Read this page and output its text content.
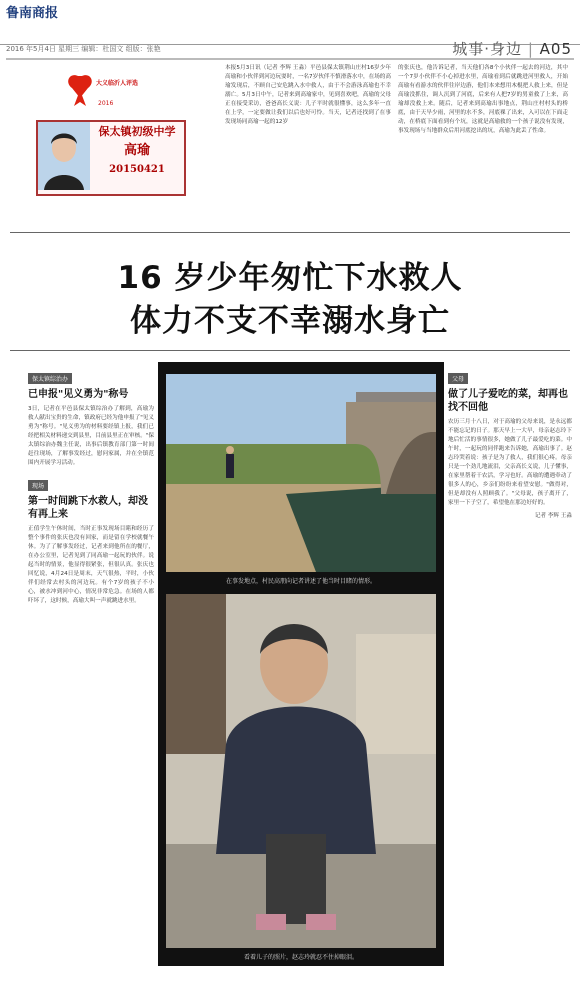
鲁南商报
城事·身边 | A05
2016 年5月4日 星期三 编辑：杜国文 组版：张艳
大义临沂人评选
2016
保太镇初级中学
高瑜
20150421
本报5月3日讯（记者 李辉 王淼）平邑县保太镇荆山庄村16岁少年高瑜和小伙伴到河边玩耍时，一名7岁伙伴不慎滑落水中，在场的高瑜发现后，不顾自己安危跳入水中救人，由于不会游泳高瑜也不幸溺亡。5月3日中午，记者来到高瑜家中，见到喜欢吧，高瑜的父母正在接受采访，爸爸高长义说：儿子平时就很懂事，这么多年一直在上学，一定要做让我们以后也好可怜。当天，记者还找到了在事发现场同高瑜一起的12岁
的张庆也，他告诉记者，当天他们各8个小伙伴一起去的河边，其中一个7岁小伙伴不小心掉进水里，高瑜看到后就跳进河里救人，开始高瑜有看游水的伙伴往岸边游，他们本来想用木棍把人救上来，但是高瑜没抓住，调人沉到了河底，后来有人把7岁的男童救了上来，高瑜却没救上来。随后，记者来到高瑜出事地点，荆山庄村村头的桥底，由于天旱少雨，河里的水不多，河底裸了出来，入可以在下面走动，在桥底下面看到有个坑，这就是高瑜救的一个孩子说没有发现，事发现场与当地群众后用河底挖出的坑，高瑜为此丢了性命。
16 岁少年匆忙下水救人
体力不支不幸溺水身亡
保太镇综治办
已申报"见义勇为"称号
3日，记者在平邑县保太镇综治办了解到，高瑜为救人献出宝贵的生命，镇政府已经为他申报了"见义勇为"称号。"见义勇为的材料要经镇上报，我们已经把相关材料递交到县里，目前县里正在审核。"保太镇综治办魏主任说，出事后镇教育部门第一时间赶往现场，了解事发经过，慰问家属，并在全镇范围内开展学习活动。
现场
第一时间跳下水救人，却没有再上来
正值学生午休时间，当时正事发现场目睹和经历了整个事件的张庆也没有回家，而是留在学校就餐午休。为了了解事发经过，记者来到他所在的餐厅，在办公室里，记者见到了同高瑜一起玩的伙伴。说起当时的情景，他显得很紧张，但很认真。张庆也回忆说，4月24日是周末，天气很热，平时，小伙伴们经常去村头的河边玩。有个7岁的孩子不小心，被水冲到河中心，情况非常危急。在场的人都吓坏了，这时候，高瑜大叫一声就跳进水里。
在事发地点，村民高朋向记者讲述了他当时目睹的情形。
看着儿子的照片，赵志玲就忍不住掉眼泪。
父母
做了儿子爱吃的菜，却再也找不回他
农历三月十八日，对于高瑜的父母来说，是永远都不能忘记的日子。那天早上一大早，母亲赵志玲下地后忙活的事情很多，她做了儿子最爱吃的菜。中午时，一起玩的同伴跑来告诉她，高瑜出事了。赵志玲哭着说：孩子是为了救人，我们很心疼。母亲只是一个劲儿地流泪，父亲高长义说，儿子懂事，在家里帮着干农活，学习也好。高瑜的遭遇牵动了很多人的心，乡亲们纷纷来看望安慰。"做得对，但是却没有人照顾我了。"父母说，孩子离开了，家里一下子空了，希望他在那边好好的。
记者 李辉 王淼
